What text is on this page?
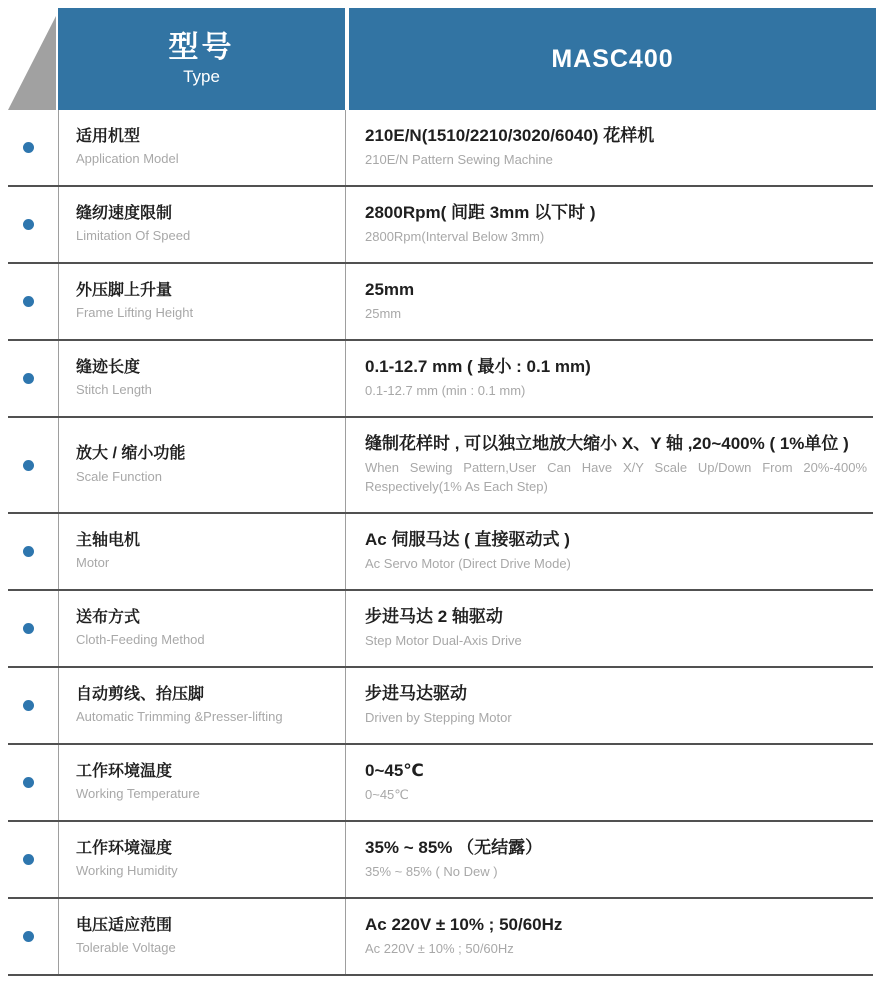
型号
Type
MASC400
适用机型
Application Model
210E/N(1510/2210/3020/6040) 花样机
210E/N Pattern Sewing Machine
缝纫速度限制
Limitation Of Speed
2800Rpm( 间距 3mm 以下时 )
2800Rpm(Interval Below 3mm)
外压脚上升量
Frame Lifting Height
25mm
25mm
缝迹长度
Stitch Length
0.1-12.7 mm ( 最小 : 0.1 mm)
0.1-12.7 mm (min : 0.1 mm)
放大 / 缩小功能
Scale Function
缝制花样时 , 可以独立地放大缩小 X、Y 轴 ,20~400% ( 1%单位 )
When Sewing Pattern,User Can Have X/Y Scale Up/Down From 20%-400% Respectively(1% As Each Step)
主轴电机
Motor
Ac 伺服马达 ( 直接驱动式 )
Ac Servo Motor (Direct Drive Mode)
送布方式
Cloth-Feeding Method
步进马达 2 轴驱动
Step Motor Dual-Axis Drive
自动剪线、抬压脚
Automatic Trimming &Presser-lifting
步进马达驱动
Driven by Stepping Motor
工作环境温度
Working Temperature
0~45℃
0~45℃
工作环境湿度
Working Humidity
35% ~ 85% （无结露）
35% ~ 85% ( No Dew )
电压适应范围
Tolerable Voltage
Ac 220V ± 10% ; 50/60Hz
Ac 220V ± 10% ; 50/60Hz
